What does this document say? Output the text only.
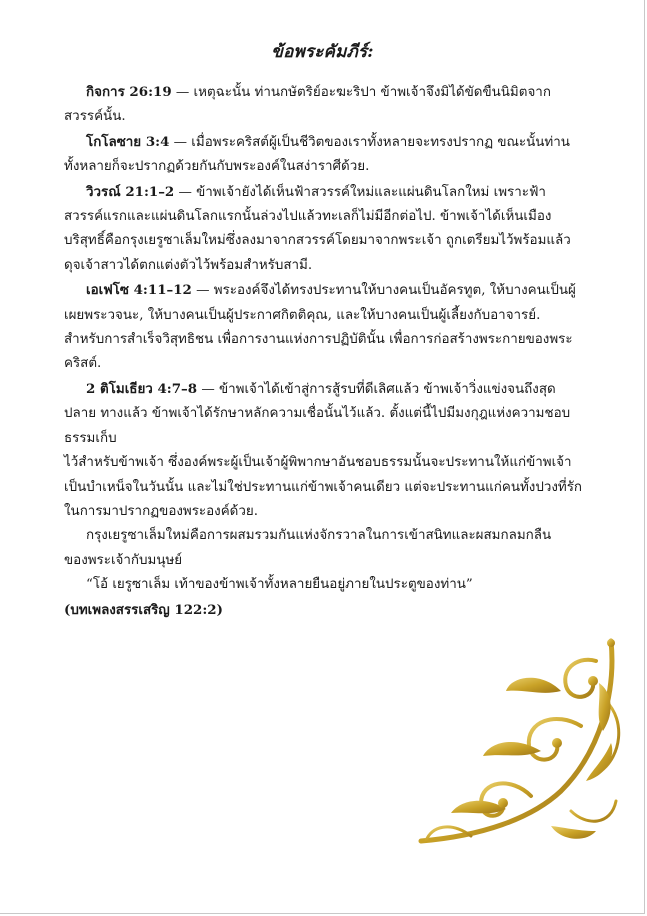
ข้อพระคัมภีร์:

กิจการ 26:19 — เหตุฉะนั้น ท่านกษัตริย์อะฆะริปา ข้าพเจ้าจึงมิได้ขัดขืนนิมิตจากสวรรค์นั้น.

โกโลซาย 3:4 — เมื่อพระคริสต์ผู้เป็นชีวิตของเราทั้งหลายจะทรงปรากฏ ขณะนั้นท่านทั้งหลายก็จะปรากฏด้วยกันกับพระองค์ในสง่าราศีด้วย.

วิวรณ์ 21:1–2 — ข้าพเจ้ายังได้เห็นฟ้าสวรรค์ใหม่และแผ่นดินโลกใหม่ เพราะฟ้าสวรรค์แรกและแผ่นดินโลกแรกนั้นล่วงไปแล้วทะเลก็ไม่มีอีกต่อไป. ข้าพเจ้าได้เห็นเมืองบริสุทธิ์คือกรุงเยรูซาเล็มใหม่ซึ่งลงมาจากสวรรค์โดยมาจากพระเจ้า ถูกเตรียมไว้พร้อมแล้วดุจเจ้าสาวได้ตกแต่งตัวไว้พร้อมสำหรับสามี.

เอเฟโซ 4:11–12 — พระองค์จึงได้ทรงประทานให้บางคนเป็นอัครทูต, ให้บางคนเป็นผู้เผยพระวจนะ, ให้บางคนเป็นผู้ประกาศกิตติคุณ, และให้บางคนเป็นผู้เลี้ยงกับอาจารย์. สำหรับการสำเร็จวิสุทธิชน เพื่อการงานแห่งการปฏิบัตินั้น เพื่อการก่อสร้างพระกายของพระคริสต์.

2 ติโมเธียว 4:7–8 — ข้าพเจ้าได้เข้าสู่การสู้รบที่ดีเลิศแล้ว ข้าพเจ้าวิ่งแข่งจนถึงสุดปลาย ทางแล้ว ข้าพเจ้าได้รักษาหลักความเชื่อนั้นไว้แล้ว. ตั้งแต่นี้ไปมีมงกุฎแห่งความชอบธรรมเก็บ

ไว้สำหรับข้าพเจ้า ซึ่งองค์พระผู้เป็นเจ้าผู้พิพากษาอันชอบธรรมนั้นจะประทานให้แก่ข้าพเจ้าเป็นบำเหน็จในวันนั้น และไม่ใช่ประทานแก่ข้าพเจ้าคนเดียว แต่จะประทานแก่คนทั้งปวงที่รักในการมาปรากฏของพระองค์ด้วย.

กรุงเยรูซาเล็มใหม่คือการผสมรวมกันแห่งจักรวาลในการเข้าสนิทและผสมกลมกลืน

ของพระเจ้ากับมนุษย์

“โอ้ เยรูซาเล็ม เท้าของข้าพเจ้าทั้งหลายยืนอยู่ภายในประตูของท่าน”

(บทเพลงสรรเสริญ 122:2)
